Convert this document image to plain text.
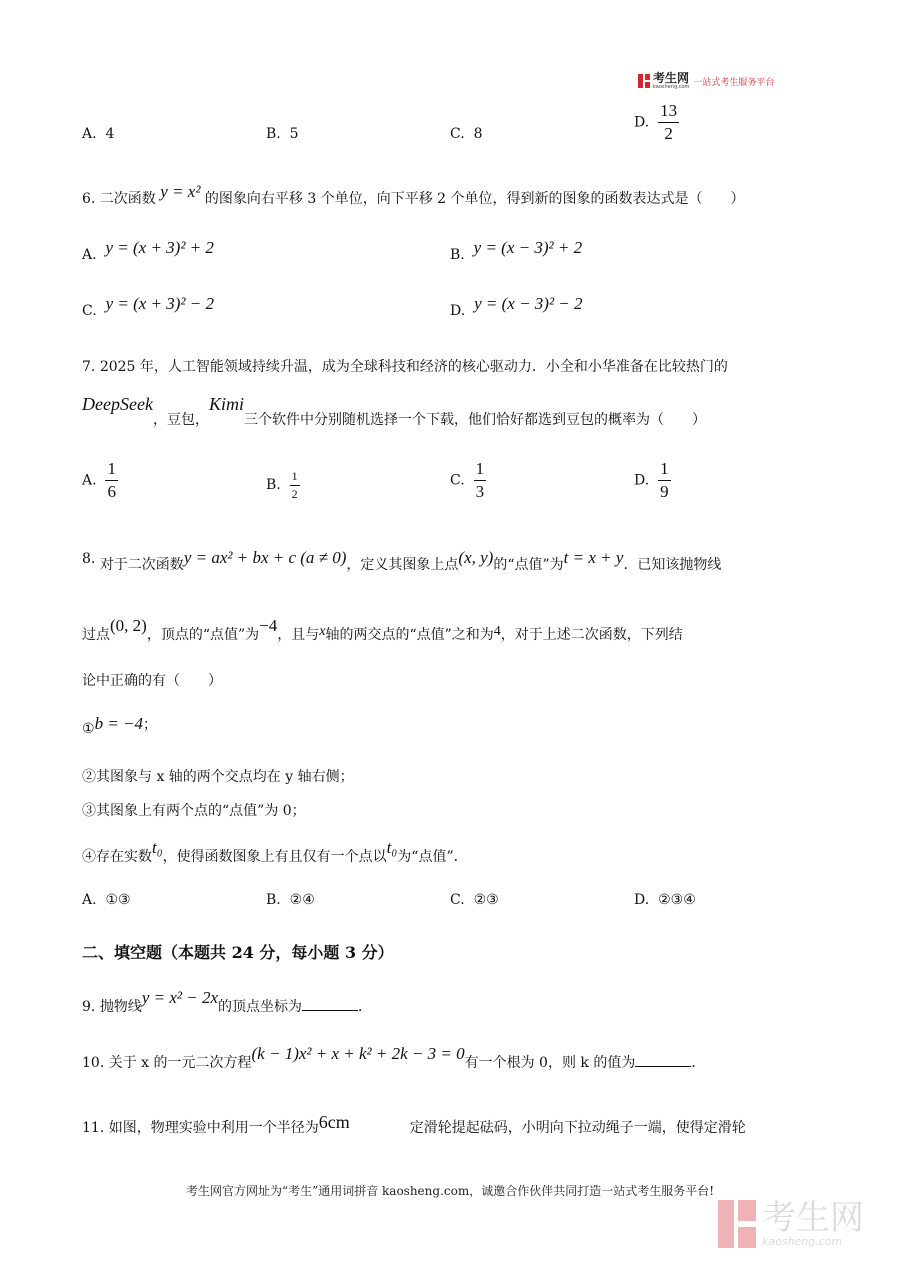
考生网
kaosheng.com 一站式考生服务平台
A. 4	B. 5	C. 8
D. $\frac{13}{2}$
6. 二次函数 y = x² 的图象向右平移 3 个单位，向下平移 2 个单位，得到新的图象的函数表达式是（　　）
A. y = (x + 3)² + 2	B. y = (x − 3)² + 2
C. y = (x + 3)² − 2	D. y = (x − 3)² − 2
7. 2025 年，人工智能领域持续升温，成为全球科技和经济的核心驱动力．小全和小华准备在比较热门的
DeepSeek，豆包，Kimi三个软件中分别随机选择一个下载，他们恰好都选到豆包的概率为（　　）
A. $\frac{1}{6}$	B. $\frac{1}{2}$	C. $\frac{1}{3}$	D. $\frac{1}{9}$
8. 对于二次函数y = ax² + bx + c (a ≠ 0)，定义其图象上点(x, y)的“点值”为t = x + y．已知该抛物线
过点(0, 2)，顶点的“点值”为−4，且与x轴的两交点的“点值”之和为4，对于上述二次函数，下列结
论中正确的有（　　）
①b = −4；
②其图象与 x 轴的两个交点均在 y 轴右侧；
③其图象上有两个点的“点值”为 0；
④存在实数t₀，使得函数图象上有且仅有一个点以t₀为“点值”．
A. ①③	B. ②④	C. ②③	D. ②③④
二、填空题（本题共 24 分，每小题 3 分）
9. 抛物线y = x² − 2x的顶点坐标为	．
10. 关于 x 的一元二次方程(k − 1)x² + x + k² + 2k − 3 = 0有一个根为 0，则 k 的值为	．
11. 如图，物理实验中利用一个半径为6cm	定滑轮提起砝码，小明向下拉动绳子一端，使得定滑轮
考生网官方网址为“考生”通用词拼音 kaosheng.com，诚邀合作伙伴共同打造一站式考生服务平台!
考生网
kaosheng.com
